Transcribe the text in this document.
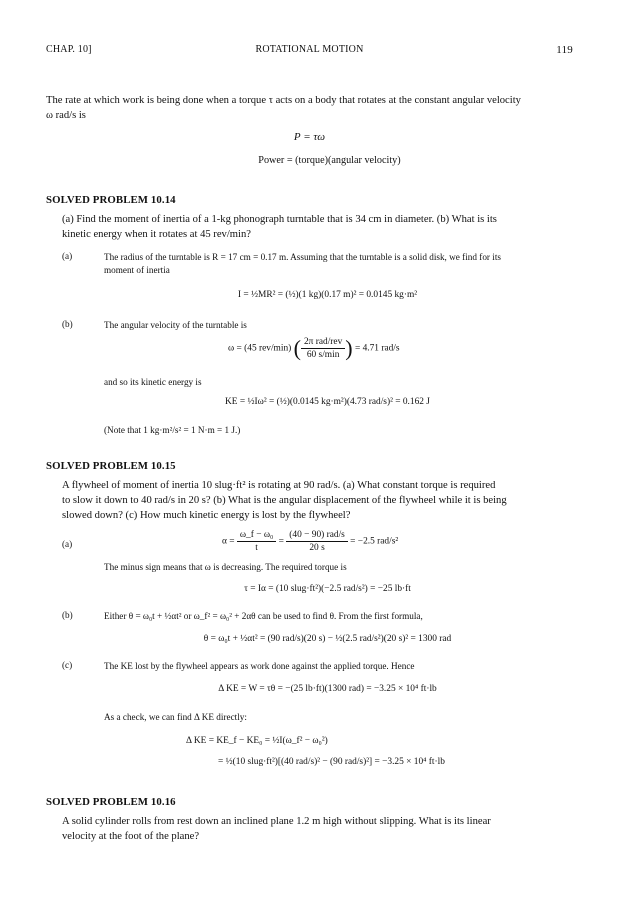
CHAP. 10]	ROTATIONAL MOTION	119
The rate at which work is being done when a torque τ acts on a body that rotates at the constant angular velocity
ω rad/s is
P = τω
Power = (torque)(angular velocity)
SOLVED PROBLEM 10.14
(a) Find the moment of inertia of a 1-kg phonograph turntable that is 34 cm in diameter. (b) What is its
kinetic energy when it rotates at 45 rev/min?
(a)	The radius of the turntable is R = 17 cm = 0.17 m. Assuming that the turntable is a solid disk, we find for its
moment of inertia
I = ½MR² = (½)(1 kg)(0.17 m)² = 0.0145 kg·m²
(b)	The angular velocity of the turntable is
ω = (45 rev/min) ( $\frac{\text{2π rad/rev}}{60 s/\min}$ ) = 4.71 rad/s
and so its kinetic energy is
KE = ½Iω² = (½)(0.0145 kg·m²)(4.73 rad/s)² = 0.162 J
(Note that 1 kg·m²/s² = 1 N·m = 1 J.)
SOLVED PROBLEM 10.15
A flywheel of moment of inertia 10 slug·ft² is rotating at 90 rad/s. (a) What constant torque is required
to slow it down to 40 rad/s in 20 s? (b) What is the angular displacement of the flywheel while it is being
slowed down? (c) How much kinetic energy is lost by the flywheel?
(a)	$\alpha = \frac{\text{ω\_f − ω₀}}{t} = \frac{\text{(40 − 90) rad/s}}{20 s} = -2.5$ rad/s²
The minus sign means that ω is decreasing. The required torque is
τ = Iα = (10 slug·ft²)(−2.5 rad/s²) = −25 lb·ft
(b)	Either θ = ω₀t + ½αt² or ω_f² = ω₀² + 2αθ can be used to find θ. From the first formula,
θ = ω₀t + ½αt² = (90 rad/s)(20 s) − ½(2.5 rad/s²)(20 s)² = 1300 rad
(c)	The KE lost by the flywheel appears as work done against the applied torque. Hence
Δ KE = W = τθ = −(25 lb·ft)(1300 rad) = −3.25 × 10⁴ ft·lb
As a check, we can find Δ KE directly:
Δ KE = KE_f − KE₀ = ½I(ω_f² − ω₀²)
= ½(10 slug·ft²)[(40 rad/s)² − (90 rad/s)²] = −3.25 × 10⁴ ft·lb
SOLVED PROBLEM 10.16
A solid cylinder rolls from rest down an inclined plane 1.2 m high without slipping. What is its linear
velocity at the foot of the plane?
